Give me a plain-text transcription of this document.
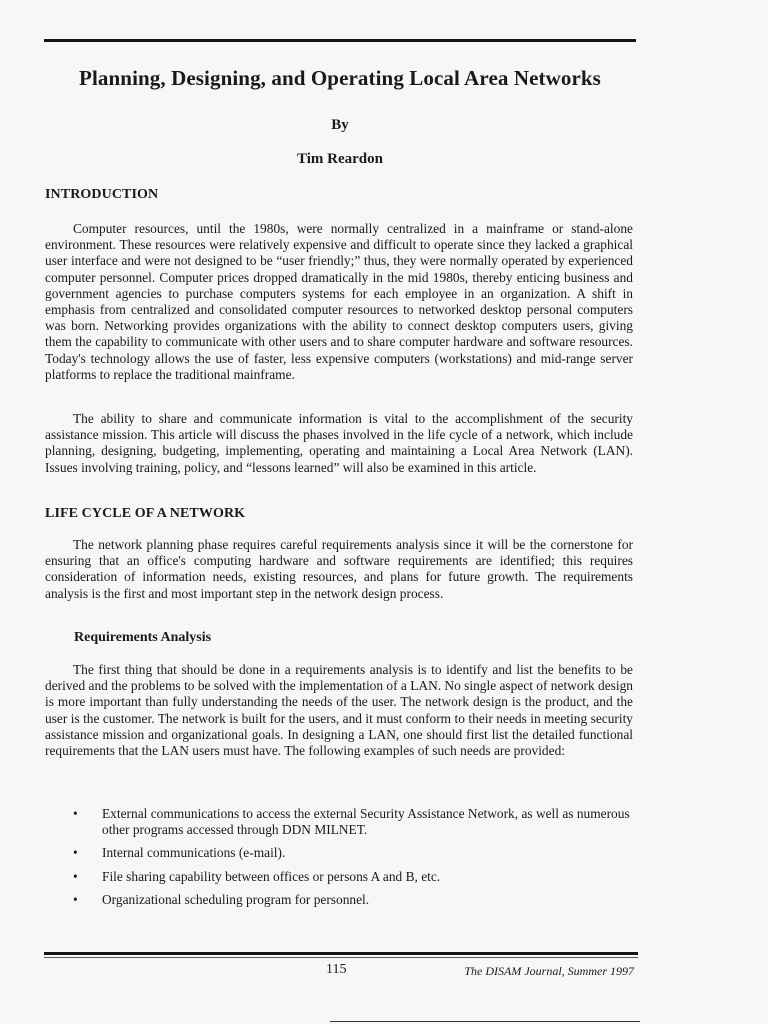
Planning, Designing, and Operating Local Area Networks
By
Tim Reardon
INTRODUCTION

Computer resources, until the 1980s, were normally centralized in a mainframe or stand-alone environment. These resources were relatively expensive and difficult to operate since they lacked a graphical user interface and were not designed to be “user friendly;” thus, they were normally operated by experienced computer personnel. Computer prices dropped dramatically in the mid 1980s, thereby enticing business and government agencies to purchase computers systems for each employee in an organization. A shift in emphasis from centralized and consolidated computer resources to networked desktop personal computers was born. Networking provides organizations with the ability to connect desktop computers users, giving them the capability to communicate with other users and to share computer hardware and software resources. Today's technology allows the use of faster, less expensive computers (workstations) and mid-range server platforms to replace the traditional mainframe.

The ability to share and communicate information is vital to the accomplishment of the security assistance mission. This article will discuss the phases involved in the life cycle of a network, which include planning, designing, budgeting, implementing, operating and maintaining a Local Area Network (LAN). Issues involving training, policy, and “lessons learned” will also be examined in this article.

LIFE CYCLE OF A NETWORK

The network planning phase requires careful requirements analysis since it will be the cornerstone for ensuring that an office's computing hardware and software requirements are identified; this requires consideration of information needs, existing resources, and plans for future growth. The requirements analysis is the first and most important step in the network design process.

Requirements Analysis

The first thing that should be done in a requirements analysis is to identify and list the benefits to be derived and the problems to be solved with the implementation of a LAN. No single aspect of network design is more important than fully understanding the needs of the user. The network design is the product, and the user is the customer. The network is built for the users, and it must conform to their needs in meeting security assistance mission and organizational goals. In designing a LAN, one should first list the detailed functional requirements that the LAN users must have. The following examples of such needs are provided:

• External communications to access the external Security Assistance Network, as well as numerous other programs accessed through DDN MILNET.
• Internal communications (e-mail).
• File sharing capability between offices or persons A and B, etc.
• Organizational scheduling program for personnel.
115	The DISAM Journal, Summer 1997
